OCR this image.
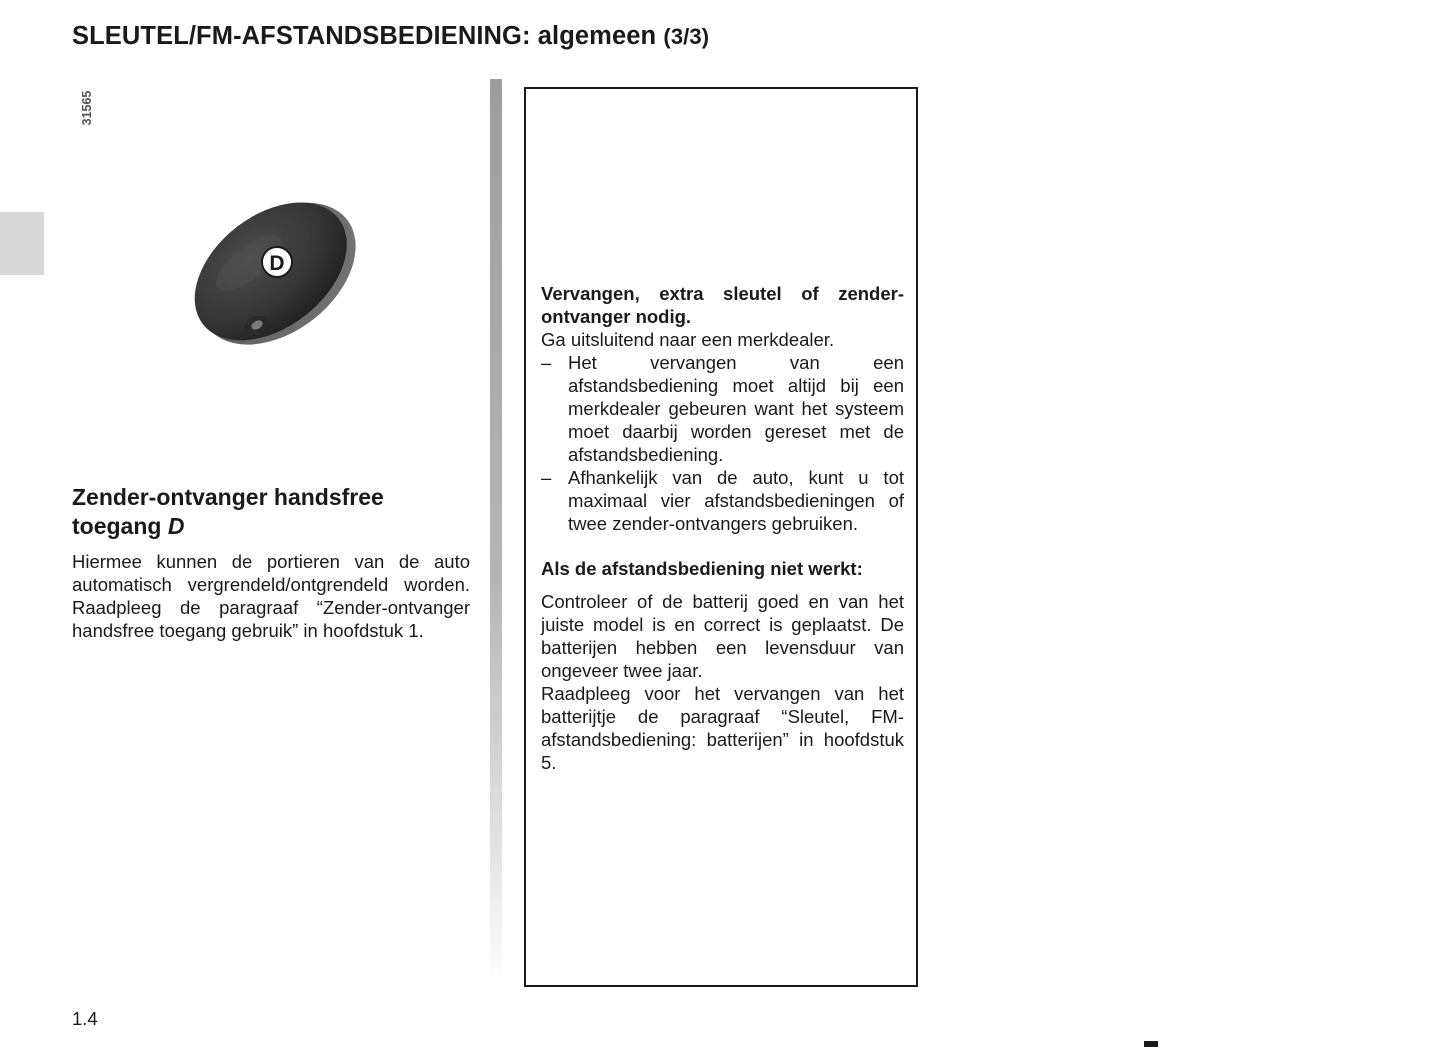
SLEUTEL/FM-AFSTANDSBEDIENING: algemeen (3/3)
31565
D
Zender-ontvanger handsfree toegang D

Hiermee kunnen de portieren van de auto automatisch vergrendeld/ontgrendeld worden. Raadpleeg de paragraaf “Zender-ontvanger handsfree toegang gebruik” in hoofdstuk 1.

Vervangen, extra sleutel of zender-ontvanger nodig.

Ga uitsluitend naar een merkdealer.

– Het vervangen van een afstandsbediening moet altijd bij een merkdealer gebeuren want het systeem moet daarbij worden gereset met de afstandsbediening.
– Afhankelijk van de auto, kunt u tot maximaal vier afstandsbedieningen of twee zender-ontvangers gebruiken.

Als de afstandsbediening niet werkt:

Controleer of de batterij goed en van het juiste model is en correct is geplaatst. De batterijen hebben een levensduur van ongeveer twee jaar.

Raadpleeg voor het vervangen van het batterijtje de paragraaf “Sleutel, FM-afstandsbediening: batterijen” in hoofdstuk 5.

1.4
